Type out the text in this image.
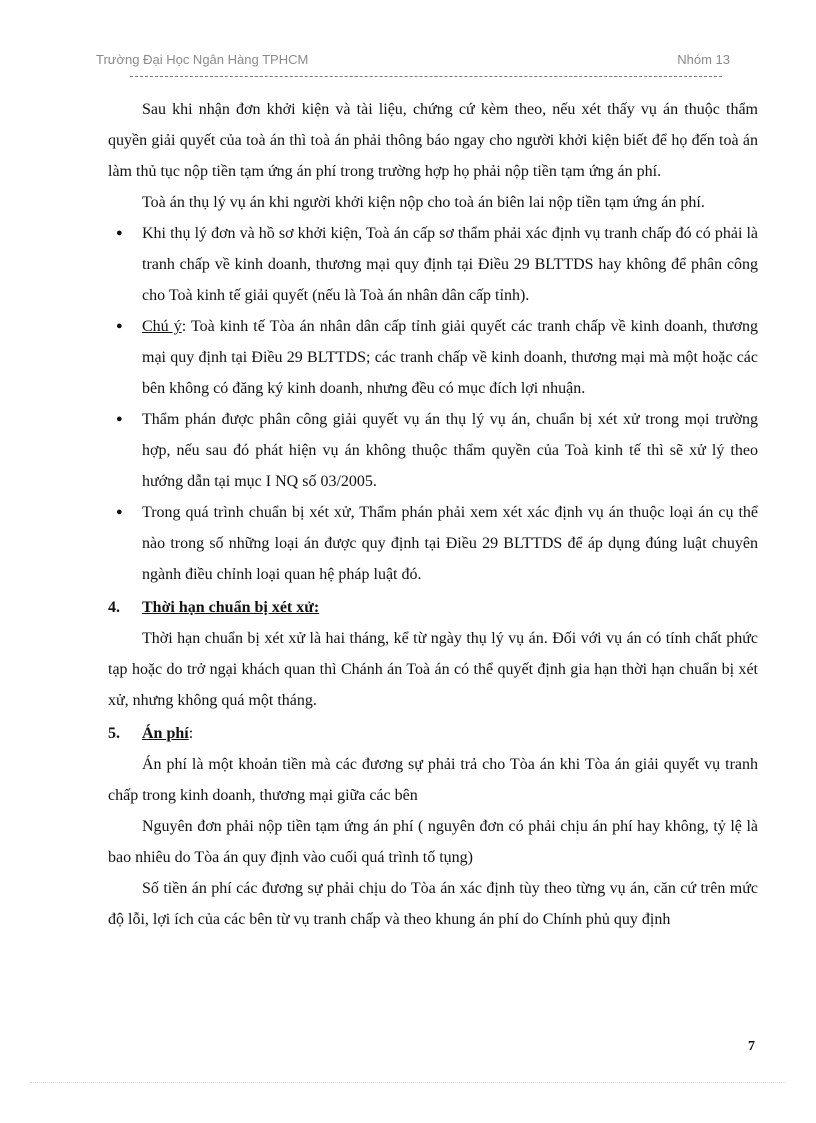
Trường Đại Học Ngân Hàng TPHCM	Nhóm 13

Sau khi nhận đơn khởi kiện và tài liệu, chứng cứ kèm theo, nếu xét thấy vụ án thuộc thẩm quyền giải quyết của toà án thì toà án phải thông báo ngay cho người khởi kiện biết để họ đến toà án làm thủ tục nộp tiền tạm ứng án phí trong trường hợp họ phải nộp tiền tạm ứng án phí.

Toà án thụ lý vụ án khi người khởi kiện nộp cho toà án biên lai nộp tiền tạm ứng án phí.

● Khi thụ lý đơn và hồ sơ khởi kiện, Toà án cấp sơ thẩm phải xác định vụ tranh chấp đó có phải là tranh chấp về kinh doanh, thương mại quy định tại Điều 29 BLTTDS hay không để phân công cho Toà kinh tế giải quyết (nếu là Toà án nhân dân cấp tỉnh).

● Chú ý: Toà kinh tế Tòa án nhân dân cấp tỉnh giải quyết các tranh chấp về kinh doanh, thương mại quy định tại Điều 29 BLTTDS; các tranh chấp về kinh doanh, thương mại mà một hoặc các bên không có đăng ký kinh doanh, nhưng đều có mục đích lợi nhuận.

● Thẩm phán được phân công giải quyết vụ án thụ lý vụ án, chuẩn bị xét xử trong mọi trường hợp, nếu sau đó phát hiện vụ án không thuộc thẩm quyền của Toà kinh tế thì sẽ xử lý theo hướng dẫn tại mục I NQ số 03/2005.

● Trong quá trình chuẩn bị xét xử, Thẩm phán phải xem xét xác định vụ án thuộc loại án cụ thể nào trong số những loại án được quy định tại Điều 29 BLTTDS để áp dụng đúng luật chuyên ngành điều chỉnh loại quan hệ pháp luật đó.

4. Thời hạn chuẩn bị xét xử:

Thời hạn chuẩn bị xét xử là hai tháng, kể từ ngày thụ lý vụ án. Đối với vụ án có tính chất phức tạp hoặc do trở ngại khách quan thì Chánh án Toà án có thể quyết định gia hạn thời hạn chuẩn bị xét xử, nhưng không quá một tháng.

5. Án phí:

Án phí là một khoản tiền mà các đương sự phải trả cho Tòa án khi Tòa án giải quyết vụ tranh chấp trong kinh doanh, thương mại giữa các bên

Nguyên đơn phải nộp tiền tạm ứng án phí ( nguyên đơn có phải chịu án phí hay không, tỷ lệ là bao nhiêu do Tòa án quy định vào cuối quá trình tố tụng)

Số tiền án phí các đương sự phải chịu do Tòa án xác định tùy theo từng vụ án, căn cứ trên mức độ lỗi, lợi ích của các bên từ vụ tranh chấp và theo khung án phí do Chính phủ quy định

7
